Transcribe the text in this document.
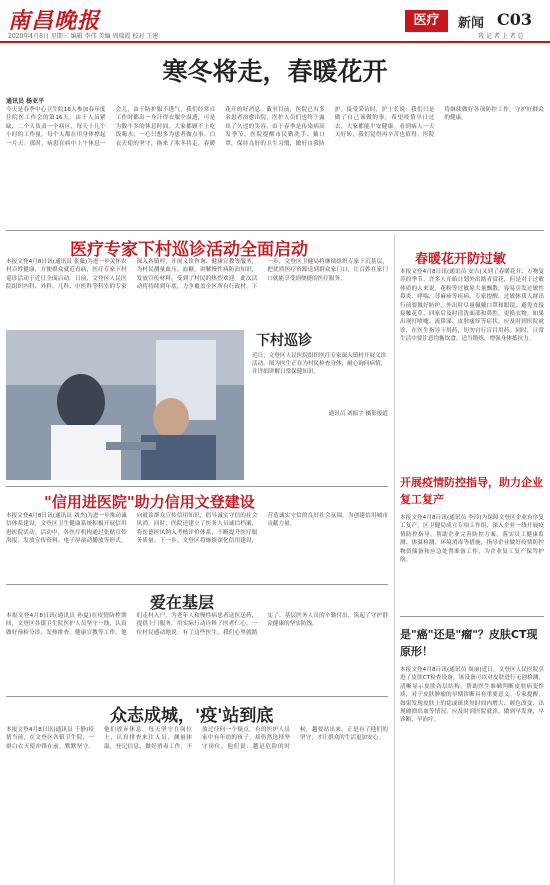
南昌晚报
2020年4月8日 星期三 编辑 李伟 美编 周瑞霞 校对 王建
医疗	新闻 C03
我 记 者 上 者 总
寒冬将走，春暖花开
通讯员 杨亚平
今天是春季中心卫生院16人参加春年度住院医工作会的第16天。由于人员紧缺，二个人负责一个病区，每天十几个小时的工作量，每个人都在用身体撑起一片天。那时，病患在病中上午休息一会儿，由于防护服不透气，我们经常自工作时都出一身汗得衣服全湿透，可是为数不多的休息时间，大家都顾不上吃饭喝水，一心只想多为患者做点事。白衣天使的坚守，换来了寒冬将走，春暖花开的好消息。截至目前，医院已有多名患者治愈出院，医护人员们也终于露出了久违的笑容。由于春季是传染病高发季节，医院提醒市民勤洗手、戴口罩，保持良好的卫生习惯，做好自我防护。接受采访时，护士长说：我们只是做了自己该做的事，希望疫情早日过去，大家都能平安健康。看到病人一天天好转，我们觉得再辛苦也值得。医院将继续做好各项防控工作，守护好群众的健康。
医疗专家下村巡诊活动全面启动
本报文登4月8日讯(通讯员 张薇)为进一步关怀农村百姓健康，方便群众就近看病，医疗专家下村巡诊活动于近日全面启动。日前，文登区人民医院组织内科、外科、儿科、中医科等科室的专家深入各镇村，开展义诊咨询、健康宣教等服务，为村民测量血压、血糖，讲解慢性病防治知识，发放宣传材料，受到了村民的热烈欢迎。此次活动将持续到年底，力争覆盖全区所有行政村。下一步，文登区卫健局将继续组织专家下沉基层，把优质医疗资源送到群众家门口，让百姓在家门口就能享受到便捷的医疗服务。
春暖花开防过敏
本报文登4月8日讯(通讯员 安吉)又到了春暖花开、万物复苏的季节，许多人开始计划外出踏青赏花，但是对于过敏体质的人来说，花粉等过敏原大量飘散，容易引发过敏性鼻炎、哮喘、荨麻疹等疾病。专家提醒，过敏体质人群出行前要做好防护，外出时尽量佩戴口罩和眼镜，避免直接接触花草，回家后及时清洗面部和鼻腔，更换衣物。如果出现打喷嚏、流鼻涕、皮肤瘙痒等症状，应及时到医院就诊，在医生指导下用药，切勿自行盲目用药。同时，日常生活中要注意均衡饮食，适当锻炼，增强身体抵抗力。
下村巡诊
近日，文登区人民医院组织医疗专家深入镇村开展义诊活动。图为医生正在为村民检查身体，耐心询问病情，并详细讲解日常保健知识。
通讯员 刘振宇 摄影报道
"信用进医院"助力信用文登建设
本报文登4月8日讯(通讯员 刘杰)为进一步推动诚信体系建设，文登区卫生健康系统积极开展信用进医院活动。活动中，各医疗机构通过张贴宣传海报、发放宣传资料、电子屏滚动播放等形式，向就诊群众宣传信用知识，倡导诚实守信的社会风尚。同时，医院还建立了医务人员诚信档案，将医德医风纳入考核评价体系，不断提升医疗服务质量。下一步，文登区将继续深化信用建设，营造诚实守信的良好社会氛围，为创建信用城市贡献力量。
开展疫情防控指导，助力企业复工复产
本报文登4月8日讯(通讯员 李玲)为保障文登区企业有序复工复产，区卫健局成立专项工作组，深入企业一线开展疫情防控指导，帮助企业完善防控方案，落实员工健康监测、体温检测、环境消毒等措施，指导企业做好疫情防控物资储备和应急处置准备工作，为企业复工复产保驾护航。
爱在基层
本报文登4月8日讯(通讯员 孙夏)在疫情防控期间，文登区各镇卫生院医护人员坚守一线，认真做好预检分诊、发热排查、健康宣教等工作。他们走村入户，为老年人和慢性病患者送医送药，提供上门服务，用实际行动诠释了医者仁心。一位村民感动地说：有了这些医生，我们心里就踏实了。基层医务人员的辛勤付出，筑起了守护群众健康的坚实防线。
是"癌"还是"瘤"？皮肤CT现原形！
本报文登4月8日讯(通讯员 周丽)近日，文登区人民医院引进了皮肤CT检查设备，该设备可以对皮肤进行无创检测，清晰显示皮肤各层结构，帮助医生准确判断皮肤病变性质，对于皮肤肿瘤的早期诊断具有重要意义。专家提醒，如果发现皮肤上的痣或斑块短时间内增大、颜色改变、出现破溃出血等情况，应及时到医院就诊，做到早发现、早诊断、早治疗。
众志成城，'疫'站到底
本报文登4月8日讯(通讯员 于静)疫情当前，在文登区各镇卫生院，一群白衣天使冲锋在前，默默坚守。他们放弃休息，每天坚守在岗位上，认真排查来往人员，测量体温，登记信息，做好消毒工作，不放过任何一个疑点。有的医护人员家中有年幼的孩子，却仍然选择坚守岗位，他们说：越是危险的时候，越要站出来。正是有了他们的坚守，才让群众的生活更加安心。
